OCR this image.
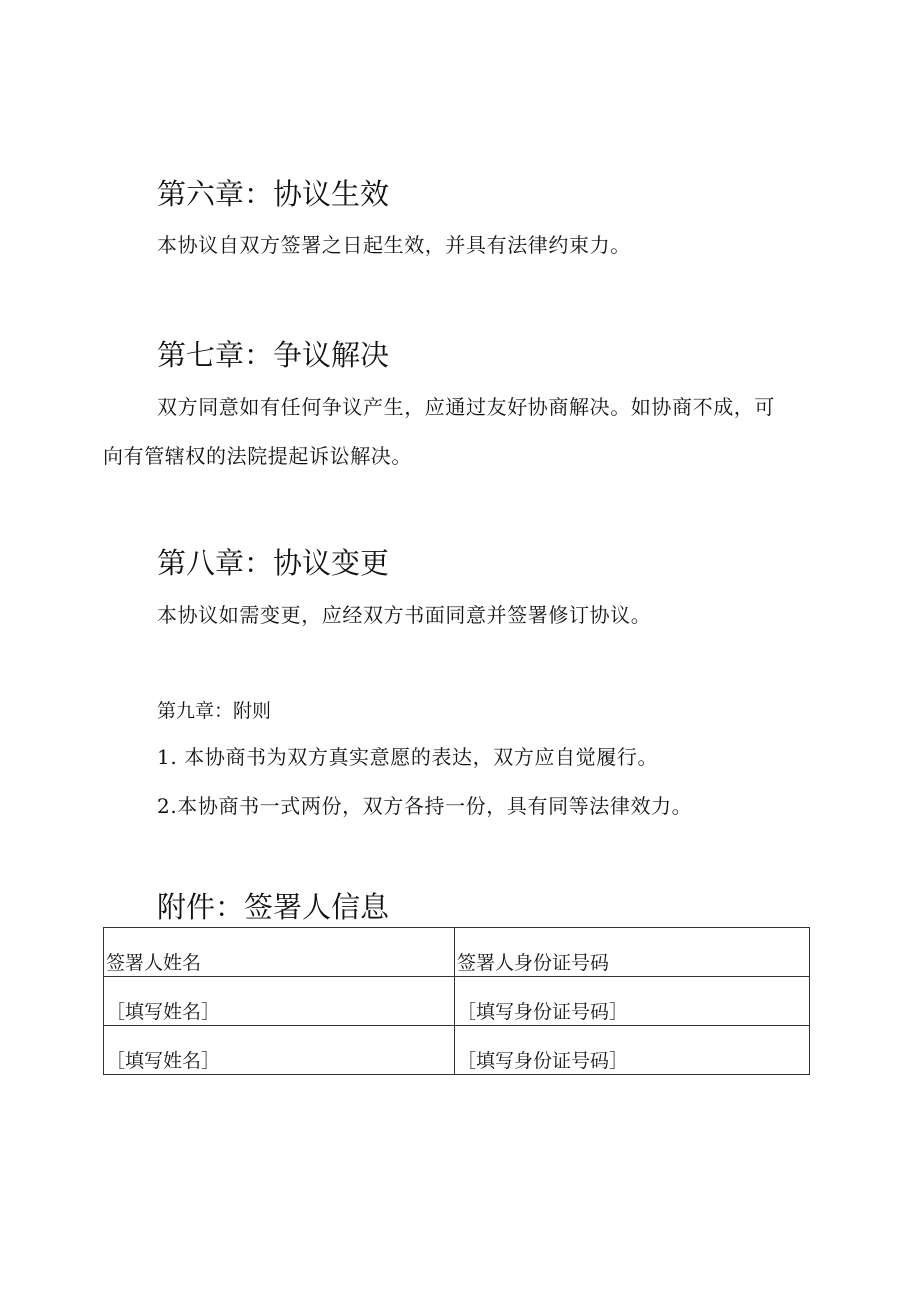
第六章：协议生效

本协议自双方签署之日起生效，并具有法律约束力。

第七章：争议解决

双方同意如有任何争议产生，应通过友好协商解决。如协商不成，可

向有管辖权的法院提起诉讼解决。

第八章：协议变更

本协议如需变更，应经双方书面同意并签署修订协议。

第九章：附则

1. 本协商书为双方真实意愿的表达，双方应自觉履行。

2.本协商书一式两份，双方各持一份，具有同等法律效力。

附件：签署人信息
签署人姓名	签署人身份证号码
［填写姓名］	［填写身份证号码］
［填写姓名］	［填写身份证号码］
